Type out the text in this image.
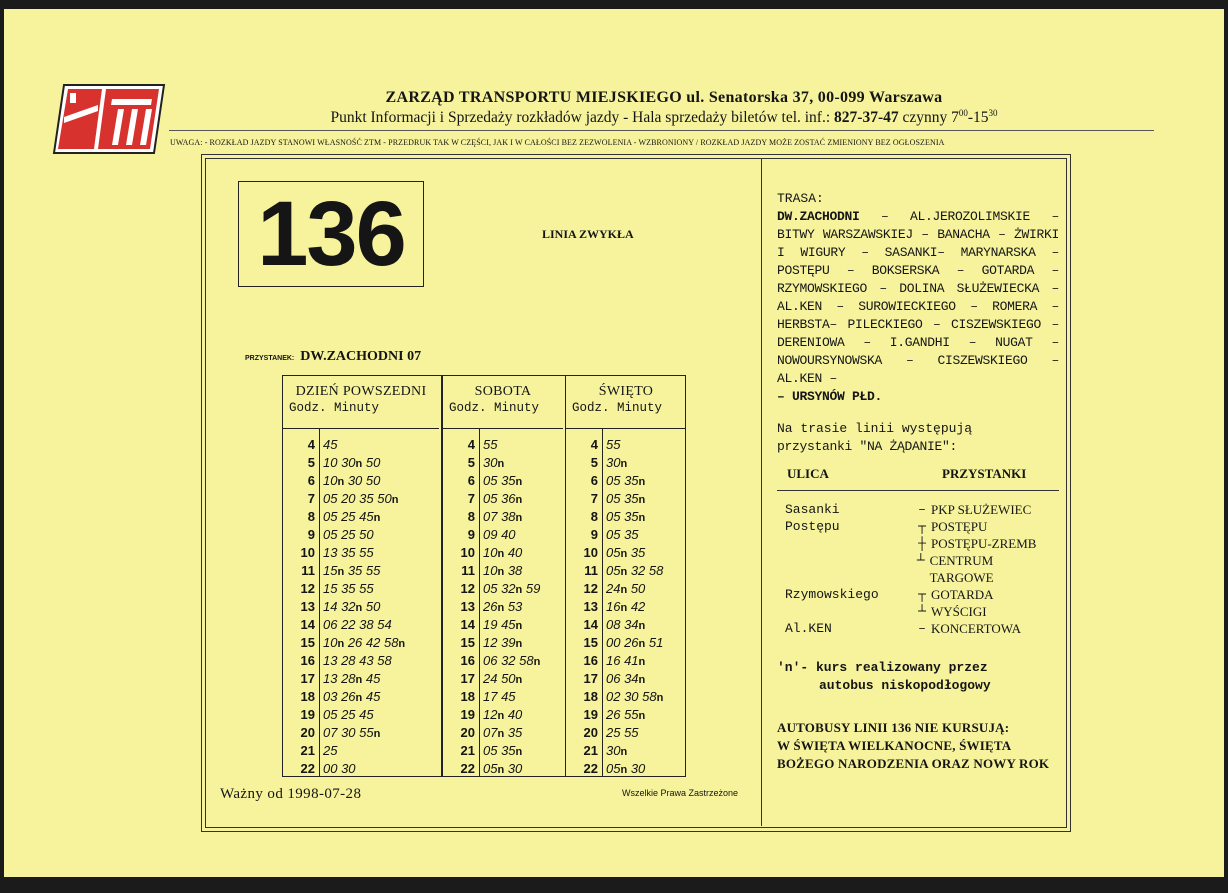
ZARZĄD TRANSPORTU MIEJSKIEGO ul. Senatorska 37, 00-099 Warszawa
Punkt Informacji i Sprzedaży rozkładów jazdy - Hala sprzedaży biletów tel. inf.: 827-37-47 czynny $7^{00}-15^{30}$
UWAGA: - ROZKŁAD JAZDY STANOWI WŁASNOŚĆ ZTM - PRZEDRUK TAK W CZĘŚCI, JAK I W CAŁOŚCI BEZ ZEZWOLENIA - WZBRONIONY / ROZKŁAD JAZDY MOŻE ZOSTAĆ ZMIENIONY BEZ OGŁOSZENIA
136	LINIA ZWYKŁA
PRZYSTANEK: DW.ZACHODNI 07
DZIEŃ POWSZEDNI
Godz. Minuty
4 45
5 10 30n 50
6 10n 30 50
7 05 20 35 50n
8 05 25 45n
9 05 25 50
10 13 35 55
11 15n 35 55
12 15 35 55
13 14 32n 50
14 06 22 38 54
15 10n 26 42 58n
16 13 28 43 58
17 13 28n 45
18 03 26n 45
19 05 25 45
20 07 30 55n
21 25
22 00 30
SOBOTA
Godz. Minuty
4 55
5 30n
6 05 35n
7 05 36n
8 07 38n
9 09 40
10 10n 40
11 10n 38
12 05 32n 59
13 26n 53
14 19 45n
15 12 39n
16 06 32 58n
17 24 50n
18 17 45
19 12n 40
20 07n 35
21 05 35n
22 05n 30
ŚWIĘTO
Godz. Minuty
4 55
5 30n
6 05 35n
7 05 35n
8 05 35n
9 05 35
10 05n 35
11 05n 32 58
12 24n 50
13 16n 42
14 08 34n
15 00 26n 51
16 16 41n
17 06 34n
18 02 30 58n
19 26 55n
20 25 55
21 30n
22 05n 30
Ważny od 1998-07-28	Wszelkie Prawa Zastrzeżone
TRASA:
DW.ZACHODNI – AL.JEROZOLIMSKIE – BITWY WARSZAWSKIEJ – BANACHA – ŻWIRKI I WIGURY – SASANKI– MARYNARSKA – POSTĘPU – BOKSERSKA – GOTARDA – RZYMOWSKIEGO – DOLINA SŁUŻEWIECKA – AL.KEN – SUROWIECKIEGO – ROMERA – HERBSTA– PILECKIEGO – CISZEWSKIEGO – DERENIOWA – I.GANDHI – NUGAT – NOWOURSYNOWSKA – CISZEWSKIEGO – AL.KEN –
– URSYNÓW PŁD.
Na trasie linii występują
przystanki "NA ŻĄDANIE":
ULICA	PRZYSTANKI
Sasanki	– PKP SŁUŻEWIEC
Postępu	┬ POSTĘPU
┼ POSTĘPU-ZREMB
┴ CENTRUM TARGOWE
Rzymowskiego	┬ GOTARDA
┴ WYŚCIGI
Al.KEN	– KONCERTOWA
'n'- kurs realizowany przez
autobus niskopodłogowy
AUTOBUSY LINII 136 NIE KURSUJĄ:
W ŚWIĘTA WIELKANOCNE, ŚWIĘTA
BOŻEGO NARODZENIA ORAZ NOWY ROK
